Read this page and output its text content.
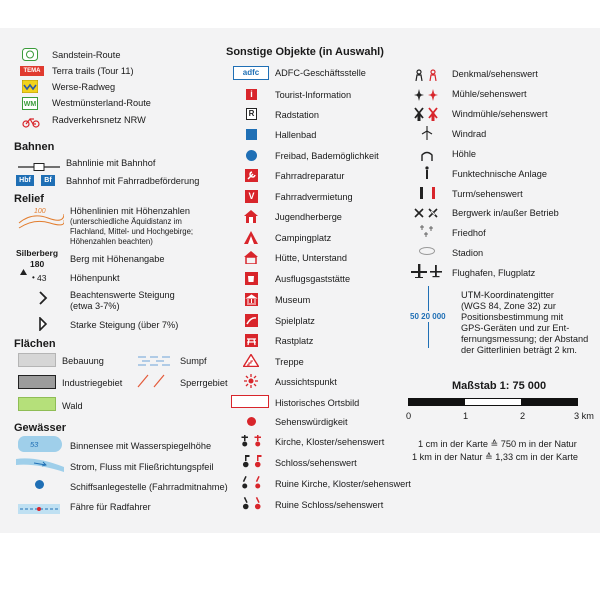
Sandstein-Route
TEMA	Terra trails (Tour 11)
Werse-Radweg
WM Westmünsterland-Route
Radverkehrsnetz NRW
Bahnen
Bahnlinie mit Bahnhof
Hbf	Bf	Bahnhof mit Fahrradbeförderung
Relief
100	Höhenlinien mit Höhenzahlen
(unterschiedliche Äquidistanz im
Flachland, Mittel- und Hochgebirge;
Höhenzahlen beachten)
Silberberg
180	Berg mit Höhenangabe
• 43	Höhenpunkt
Beachtenswerte Steigung
(etwa 3-7%)
Starke Steigung (über 7%)
Flächen
Bebauung
Industriegebiet
Wald
Sumpf
Sperrgebiet
Gewässer
53	Binnensee mit Wasserspiegelhöhe
Strom, Fluss mit Fließrichtungspfeil
Schiffsanlegestelle (Fahrradmitnahme)
Fähre für Radfahrer
Sonstige Objekte (in Auswahl)
adfc	ADFC-Geschäftsstelle
i	Tourist-Information
R Radstation
Hallenbad
Freibad, Bademöglichkeit
Fahrradreparatur
V	Fahrradvermietung
Jugendherberge
Campingplatz
Hütte, Unterstand
Ausflugsgaststätte
Museum
Spielplatz
Rastplatz
Treppe
Aussichtspunkt
Historisches Ortsbild
Sehenswürdigkeit
Kirche, Kloster/sehenswert
Schloss/sehenswert
Ruine Kirche, Kloster/sehenswert
Ruine Schloss/sehenswert
Denkmal/sehenswert
Mühle/sehenswert
Windmühle/sehenswert
Windrad
Höhle
Funktechnische Anlage
Turm/sehenswert
Bergwerk in/außer Betrieb
Friedhof
Stadion
Flughafen, Flugplatz
50 20 000
UTM-Koordinatengitter
(WGS 84, Zone 32) zur
Positionsbestimmung mit
GPS-Geräten und zur Ent-
fernungsmessung; der Abstand
der Gitterlinien beträgt 2 km.
Maßstab 1: 75 000
0	1	2	3 km
1 cm in der Karte ≙ 750 m in der Natur
1 km in der Natur ≙ 1,33 cm in der Karte
